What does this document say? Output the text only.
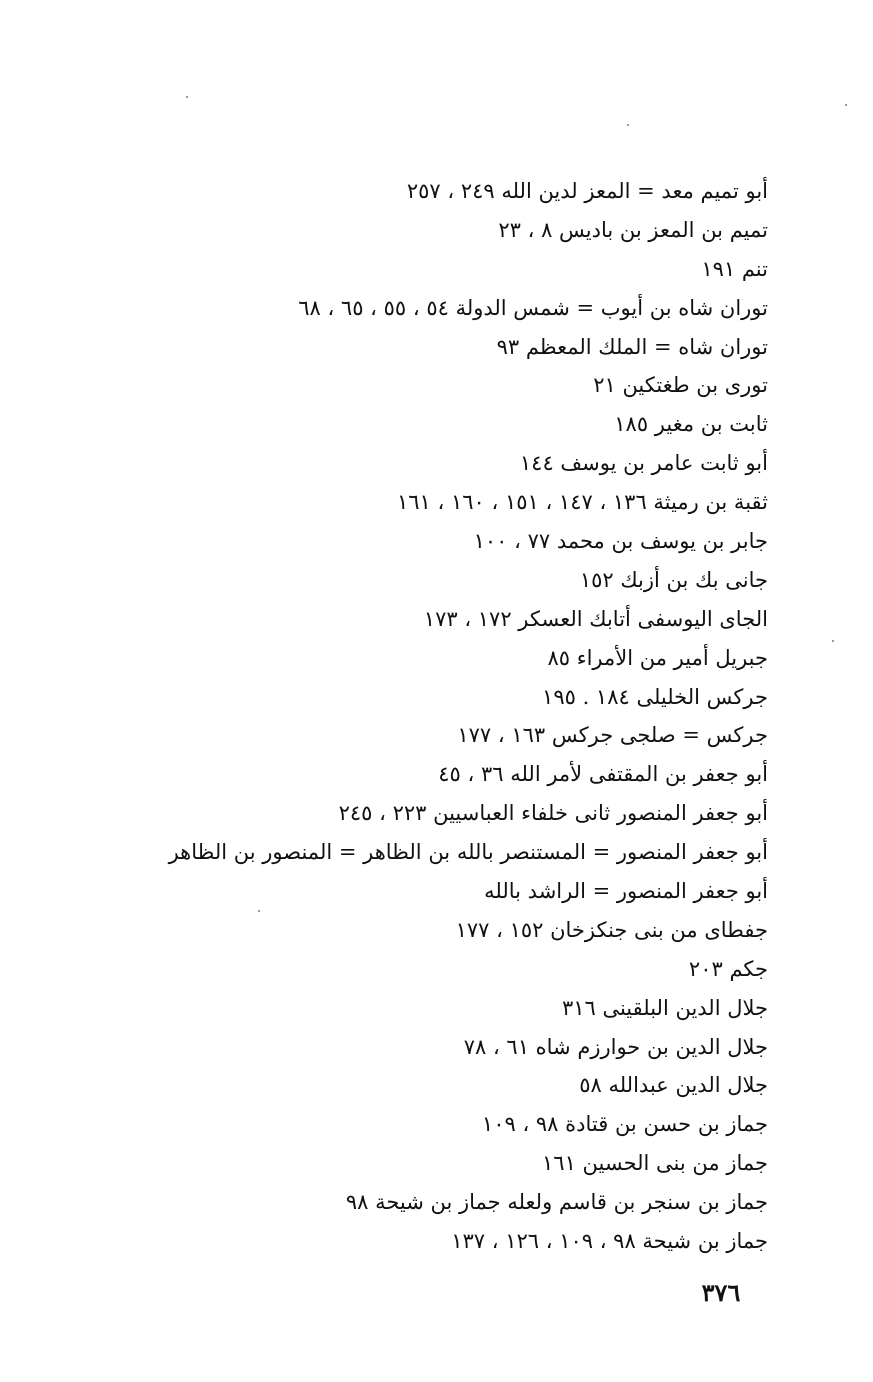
أبو تميم معد = المعز لدين الله ٢٤٩ ، ٢٥٧
تميم بن المعز بن باديس ٨ ، ٢٣
تنم ١٩١
توران شاه بن أيوب = شمس الدولة ٥٤ ، ٥٥ ، ٦٥ ، ٦٨
توران شاه = الملك المعظم ٩٣
تورى بن طغتكين ٢١
ثابت بن مغير ١٨٥
أبو ثابت عامر بن يوسف ١٤٤
ثقبة بن رميثة ١٣٦ ، ١٤٧ ، ١٥١ ، ١٦٠ ، ١٦١
جابر بن يوسف بن محمد ٧٧ ، ١٠٠
جانى بك بن أزبك ١٥٢
الجاى اليوسفى أتابك العسكر ١٧٢ ، ١٧٣
جبريل أمير من الأمراء ٨٥
جركس الخليلى ١٨٤ . ١٩٥
جركس = صلجى جركس ١٦٣ ، ١٧٧
أبو جعفر بن المقتفى لأمر الله ٣٦ ، ٤٥
أبو جعفر المنصور ثانى خلفاء العباسيين ٢٢٣ ، ٢٤٥
أبو جعفر المنصور = المستنصر بالله بن الظاهر = المنصور بن الظاهر
أبو جعفر المنصور = الراشد بالله
جفطاى من بنى جنكزخان ١٥٢ ، ١٧٧
جكم ٢٠٣
جلال الدين البلقينى ٣١٦
جلال الدين بن حوارزم شاه ٦١ ، ٧٨
جلال الدين عبدالله ٥٨
جماز بن حسن بن قتادة ٩٨ ، ١٠٩
جماز من بنى الحسين ١٦١
جماز بن سنجر بن قاسم ولعله جماز بن شيحة ٩٨
جماز بن شيحة ٩٨ ، ١٠٩ ، ١٢٦ ، ١٣٧
٣٧٦
